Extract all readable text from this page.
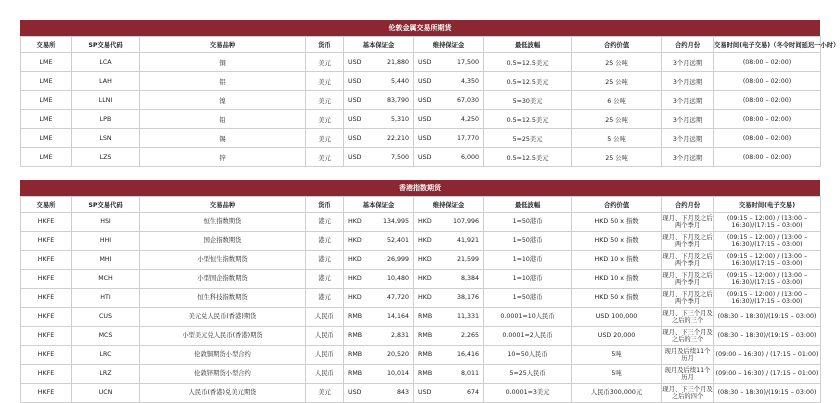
伦敦金属交易所期货
交易所	SP交易代码	交易品种	货币	基本保证金		维持保证金		最低波幅	合约价值	合约月份	交易时间(电子交易)（冬令时间延迟一小时）
LME	LCA	铜	美元	USD	21,880	USD	17,500	0.5=12.5美元	25 公吨	3个月远期	(08:00 – 02:00)
LME	LAH	铝	美元	USD	5,440	USD	4,350	0.5=12.5美元	25 公吨	3个月远期	(08:00 – 02:00)
LME	LLNI	镍	美元	USD	83,790	USD	67,030	5=30美元	6 公吨	3个月远期	(08:00 – 02:00)
LME	LPB	铅	美元	USD	5,310	USD	4,250	0.5=12.5美元	25 公吨	3个月远期	(08:00 – 02:00)
LME	LSN	锡	美元	USD	22,210	USD	17,770	5=25美元	5 公吨	3个月远期	(08:00 – 02:00)
LME	LZS	锌	美元	USD	7,500	USD	6,000	0.5=12.5美元	25 公吨	3个月远期	(08:00 – 02:00)
香港指数期货
交易所	SP交易代码	交易品种	货币	基本保证金		维持保证金		最低波幅	合约价值	合约月份	交易时间(电子交易)
HKFE	HSI	恒生指数期货	港元	HKD	134,995	HKD	107,996	1=50港币	HKD 50 x 指数	现月、下月及之后两个季月	(09:15 – 12:00) / (13:00 – 16:30)/(17:15 – 03:00)
HKFE	HHI	国企指数期货	港元	HKD	52,401	HKD	41,921	1=50港币	HKD 50 x 指数	现月、下月及之后两个季月	(09:15 – 12:00) / (13:00 – 16:30)/(17:15 – 03:00)
HKFE	MHI	小型恒生指数期货	港元	HKD	26,999	HKD	21,599	1=10港币	HKD 10 x 指数	现月、下月及之后两个季月	(09:15 – 12:00) / (13:00 – 16:30)/(17:15 – 03:00)
HKFE	MCH	小型国企指数期货	港元	HKD	10,480	HKD	8,384	1=10港币	HKD 10 x 指数	现月、下月及之后两个季月	(09:15 – 12:00) / (13:00 – 16:30)/(17:15 – 03:00)
HKFE	HTI	恒生科技指数期货	港元	HKD	47,720	HKD	38,176	1=50港币	HKD 50 x 指数	现月、下月及之后两个季月	(09:15 – 12:00) / (13:00 – 16:30)/(17:15 – 03:00)
HKFE	CUS	美元兑人民币(香港)期货	人民币	RMB	14,164	RMB	11,331	0.0001=10人民币	USD 100,000	现月、下三个月及之后的三个	(08:30 – 18:30)/(19:15 – 03:00)
HKFE	MCS	小型美元兑人民币(香港)期货	人民币	RMB	2,831	RMB	2,265	0.0001=2人民币	USD 20,000	现月、下三个月及之后的三个	(08:30 – 18:30)/(19:15 – 03:00)
HKFE	LRC	伦敦铜期货小型合约	人民币	RMB	20,520	RMB	16,416	10=50人民币	5吨	现月及后续11个历月	(09:00 – 16:30) / (17:15 – 01:00)
HKFE	LRZ	伦敦锌期货小型合约	人民币	RMB	10,014	RMB	8,011	5=25人民币	5吨	现月及后续11个历月	(09:00 – 16:30) / (17:15 – 01:00)
HKFE	UCN	人民币(香港)兑美元期货	美元	USD	843	USD	674	0.0001=3美元	人民币300,000元	现月、下三个月及之后的四个	(08:30 – 18:30)/(19:15 – 03:00)
